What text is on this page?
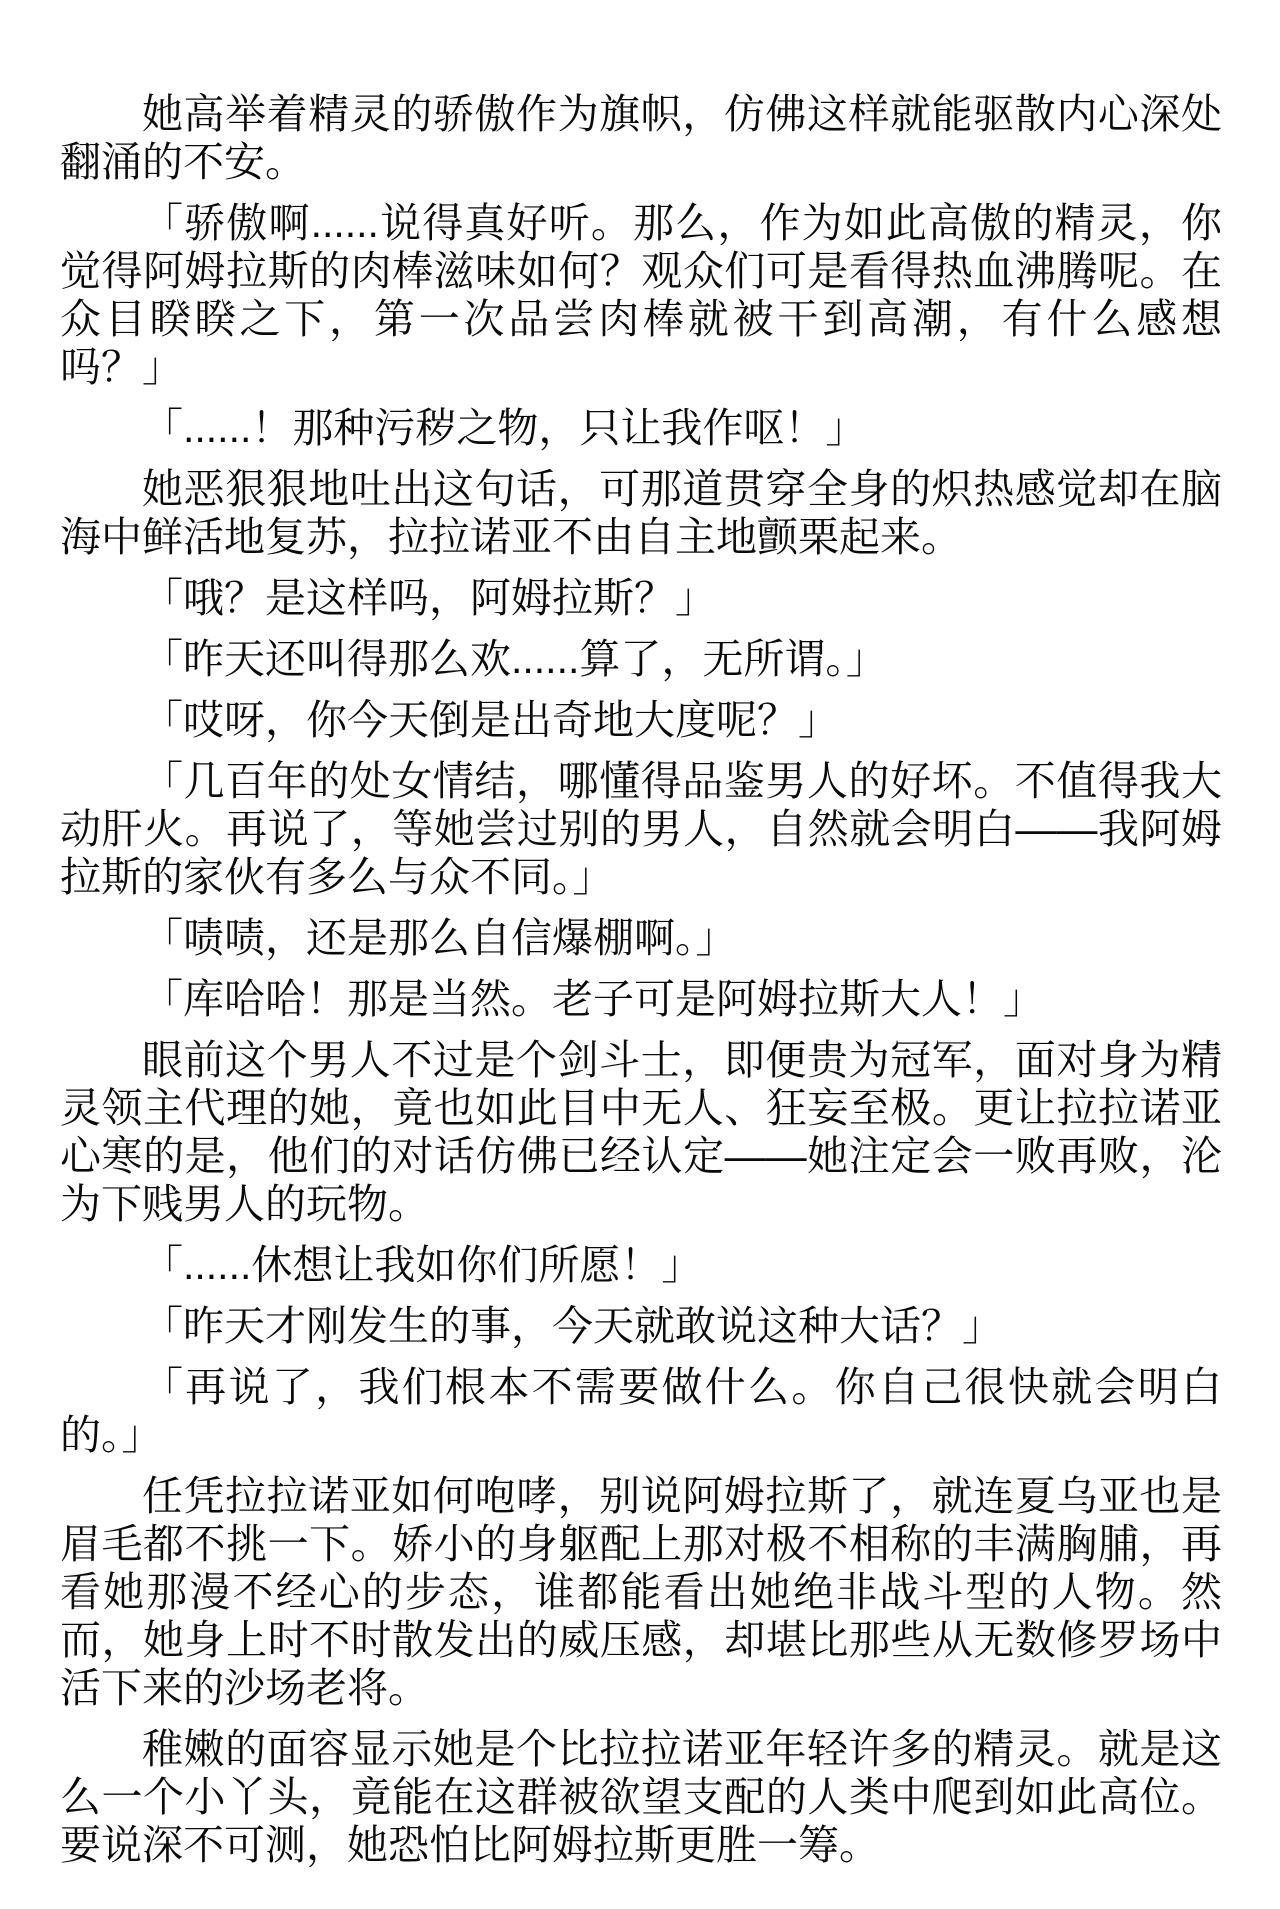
她高举着精灵的骄傲作为旗帜，仿佛这样就能驱散内心深处翻涌的不安。

「骄傲啊......说得真好听。那么，作为如此高傲的精灵，你觉得阿姆拉斯的肉棒滋味如何？观众们可是看得热血沸腾呢。在众目睽睽之下，第一次品尝肉棒就被干到高潮，有什么感想吗？」

「......！那种污秽之物，只让我作呕！」

她恶狠狠地吐出这句话，可那道贯穿全身的炽热感觉却在脑海中鲜活地复苏，拉拉诺亚不由自主地颤栗起来。

「哦？是这样吗，阿姆拉斯？」

「昨天还叫得那么欢......算了，无所谓。」

「哎呀，你今天倒是出奇地大度呢？」

「几百年的处女情结，哪懂得品鉴男人的好坏。不值得我大动肝火。再说了，等她尝过别的男人，自然就会明白——我阿姆拉斯的家伙有多么与众不同。」

「啧啧，还是那么自信爆棚啊。」

「库哈哈！那是当然。老子可是阿姆拉斯大人！」

眼前这个男人不过是个剑斗士，即便贵为冠军，面对身为精灵领主代理的她，竟也如此目中无人、狂妄至极。更让拉拉诺亚心寒的是，他们的对话仿佛已经认定——她注定会一败再败，沦为下贱男人的玩物。

「......休想让我如你们所愿！」

「昨天才刚发生的事，今天就敢说这种大话？」

「再说了，我们根本不需要做什么。你自己很快就会明白的。」

任凭拉拉诺亚如何咆哮，别说阿姆拉斯了，就连夏乌亚也是眉毛都不挑一下。娇小的身躯配上那对极不相称的丰满胸脯，再看她那漫不经心的步态，谁都能看出她绝非战斗型的人物。然而，她身上时不时散发出的威压感，却堪比那些从无数修罗场中活下来的沙场老将。

稚嫩的面容显示她是个比拉拉诺亚年轻许多的精灵。就是这么一个小丫头，竟能在这群被欲望支配的人类中爬到如此高位。要说深不可测，她恐怕比阿姆拉斯更胜一筹。
